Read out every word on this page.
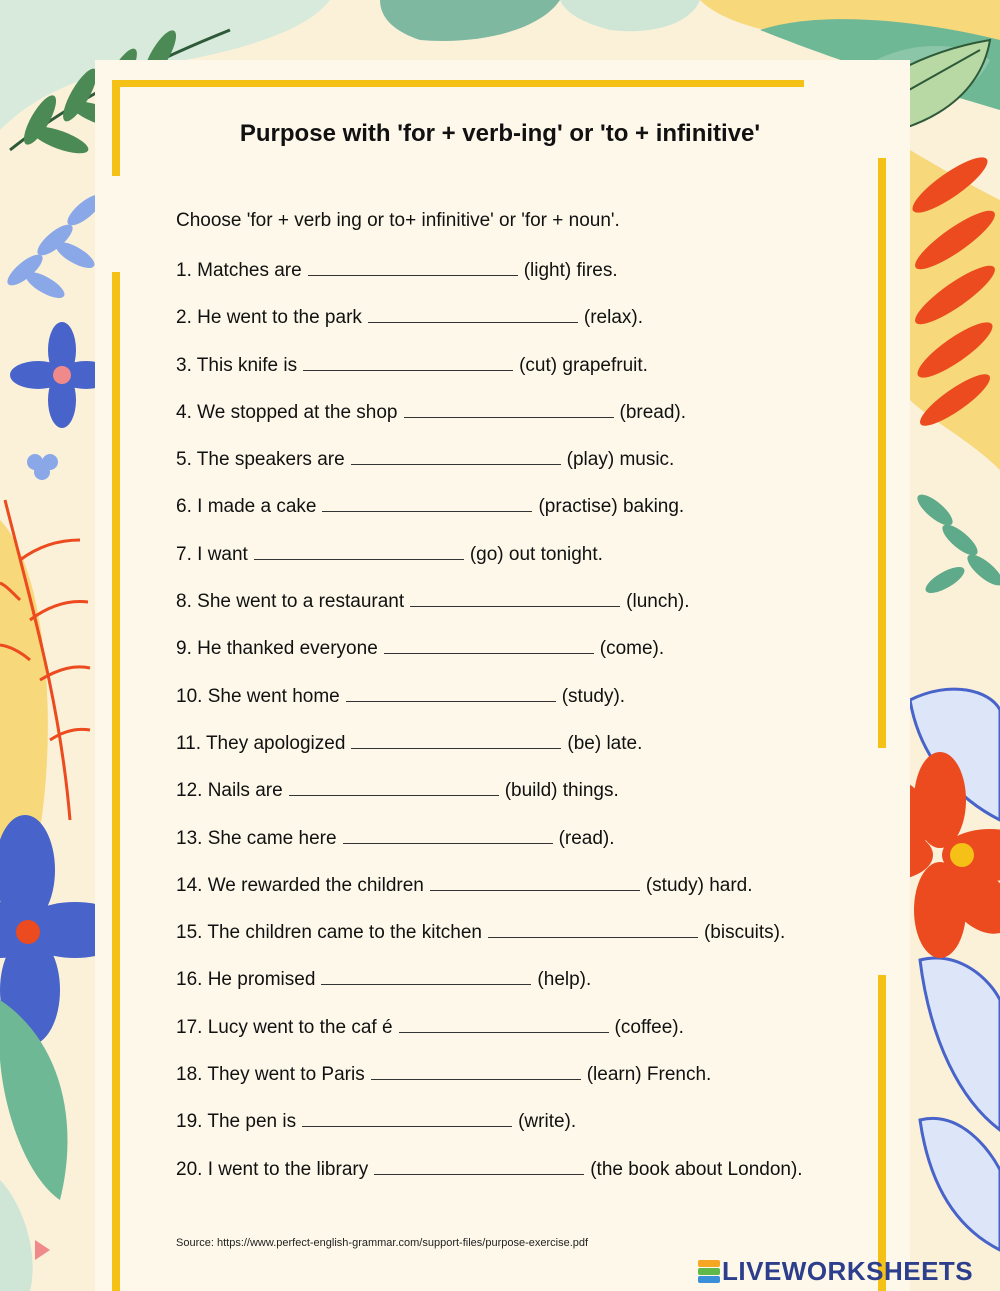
Purpose with 'for + verb-ing' or 'to + infinitive'
Choose 'for + verb ing or to+ infinitive' or 'for + noun'.
1. Matches are	(light) fires.
2. He went to the park	(relax).
3. This knife is	(cut) grapefruit.
4. We stopped at the shop	(bread).
5. The speakers are	(play) music.
6. I made a cake	(practise) baking.
7. I want	(go) out tonight.
8. She went to a restaurant	(lunch).
9. He thanked everyone	(come).
10. She went home	(study).
11. They apologized	(be) late.
12. Nails are	(build) things.
13. She came here	(read).
14. We rewarded the children	(study) hard.
15. The children came to the kitchen	(biscuits).
16. He promised	(help).
17. Lucy went to the caf é	(coffee).
18. They went to Paris	(learn) French.
19. The pen is	(write).
20. I went to the library	(the book about London).
Source: https://www.perfect-english-grammar.com/support-files/purpose-exercise.pdf
LIVEWORKSHEETS
